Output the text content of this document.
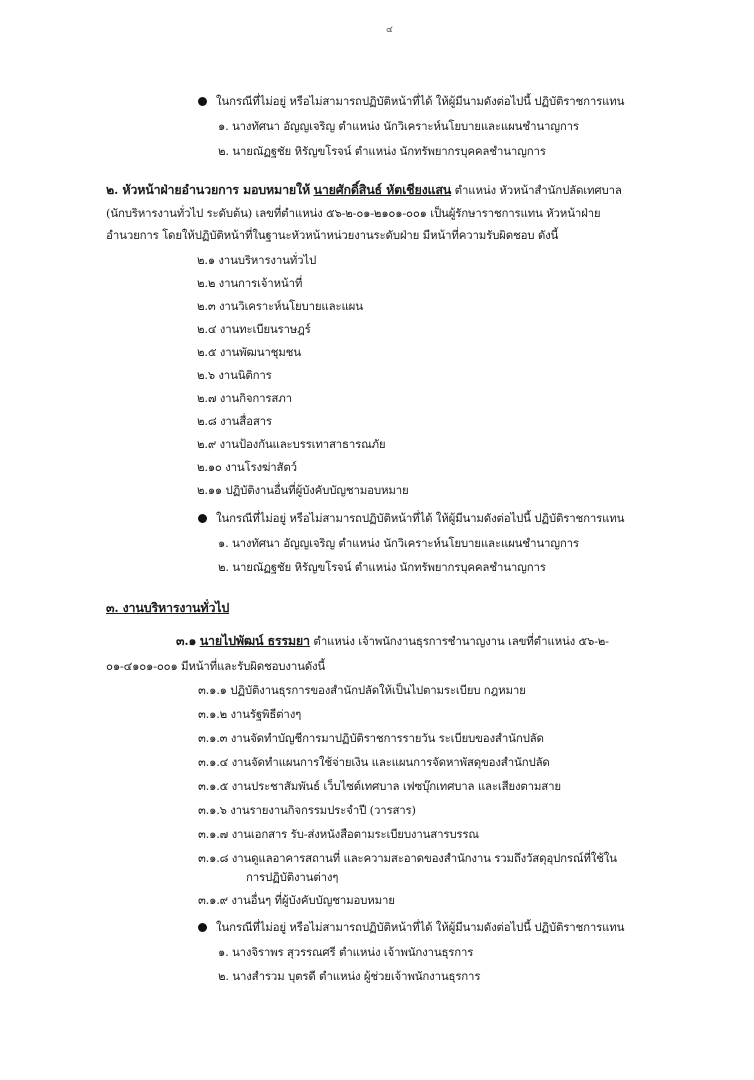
๔
ในกรณีที่ไม่อยู่ หรือไม่สามารถปฏิบัติหน้าที่ได้ ให้ผู้มีนามดังต่อไปนี้ ปฏิบัติราชการแทน
๑. นางทัศนา อัญญเจริญ ตำแหน่ง นักวิเคราะห์นโยบายและแผนชำนาญการ
๒. นายณัฏฐชัย หิรัญขโรจน์ ตำแหน่ง นักทรัพยากรบุคคลชำนาญการ
๒. หัวหน้าฝ่ายอำนวยการ มอบหมายให้ นายศักดิ์สินธ์ หัตเชียงแสน ตำแหน่ง หัวหน้าสำนักปลัดเทศบาล
(นักบริหารงานทั่วไป ระดับต้น) เลขที่ตำแหน่ง ๕๖-๒-๐๑-๒๑๐๑-๐๐๑ เป็นผู้รักษาราชการแทน หัวหน้าฝ่าย
อำนวยการ โดยให้ปฏิบัติหน้าที่ในฐานะหัวหน้าหน่วยงานระดับฝ่าย มีหน้าที่ความรับผิดชอบ ดังนี้
๒.๑ งานบริหารงานทั่วไป
๒.๒ งานการเจ้าหน้าที่
๒.๓ งานวิเคราะห์นโยบายและแผน
๒.๔ งานทะเบียนราษฎร์
๒.๕ งานพัฒนาชุมชน
๒.๖ งานนิติการ
๒.๗ งานกิจการสภา
๒.๘ งานสื่อสาร
๒.๙ งานป้องกันและบรรเทาสาธารณภัย
๒.๑๐ งานโรงฆ่าสัตว์
๒.๑๑ ปฏิบัติงานอื่นที่ผู้บังคับบัญชามอบหมาย
ในกรณีที่ไม่อยู่ หรือไม่สามารถปฏิบัติหน้าที่ได้ ให้ผู้มีนามดังต่อไปนี้ ปฏิบัติราชการแทน
๑. นางทัศนา อัญญเจริญ ตำแหน่ง นักวิเคราะห์นโยบายและแผนชำนาญการ
๒. นายณัฏฐชัย หิรัญขโรจน์ ตำแหน่ง นักทรัพยากรบุคคลชำนาญการ
๓. งานบริหารงานทั่วไป
๓.๑ นายไปพัฒน์ ธรรมยา ตำแหน่ง เจ้าพนักงานธุรการชำนาญงาน เลขที่ตำแหน่ง ๕๖-๒-
๐๑-๔๑๐๑-๐๐๑ มีหน้าที่และรับผิดชอบงานดังนี้
๓.๑.๑ ปฏิบัติงานธุรการของสำนักปลัดให้เป็นไปตามระเบียบ กฎหมาย
๓.๑.๒ งานรัฐพิธีต่างๆ
๓.๑.๓ งานจัดทำบัญชีการมาปฏิบัติราชการรายวัน ระเบียบของสำนักปลัด
๓.๑.๔ งานจัดทำแผนการใช้จ่ายเงิน และแผนการจัดหาพัสดุของสำนักปลัด
๓.๑.๕ งานประชาสัมพันธ์ เว็บไซต์เทศบาล เฟซบุ๊กเทศบาล และเสียงตามสาย
๓.๑.๖ งานรายงานกิจกรรมประจำปี (วารสาร)
๓.๑.๗ งานเอกสาร รับ-ส่งหนังสือตามระเบียบงานสารบรรณ
๓.๑.๘ งานดูแลอาคารสถานที่ และความสะอาดของสำนักงาน รวมถึงวัสดุอุปกรณ์ที่ใช้ใน
การปฏิบัติงานต่างๆ
๓.๑.๙ งานอื่นๆ ที่ผู้บังคับบัญชามอบหมาย
ในกรณีที่ไม่อยู่ หรือไม่สามารถปฏิบัติหน้าที่ได้ ให้ผู้มีนามดังต่อไปนี้ ปฏิบัติราชการแทน
๑. นางจิราพร สุวรรณศรี ตำแหน่ง เจ้าพนักงานธุรการ
๒. นางสำรวม บุตรดี ตำแหน่ง ผู้ช่วยเจ้าพนักงานธุรการ
